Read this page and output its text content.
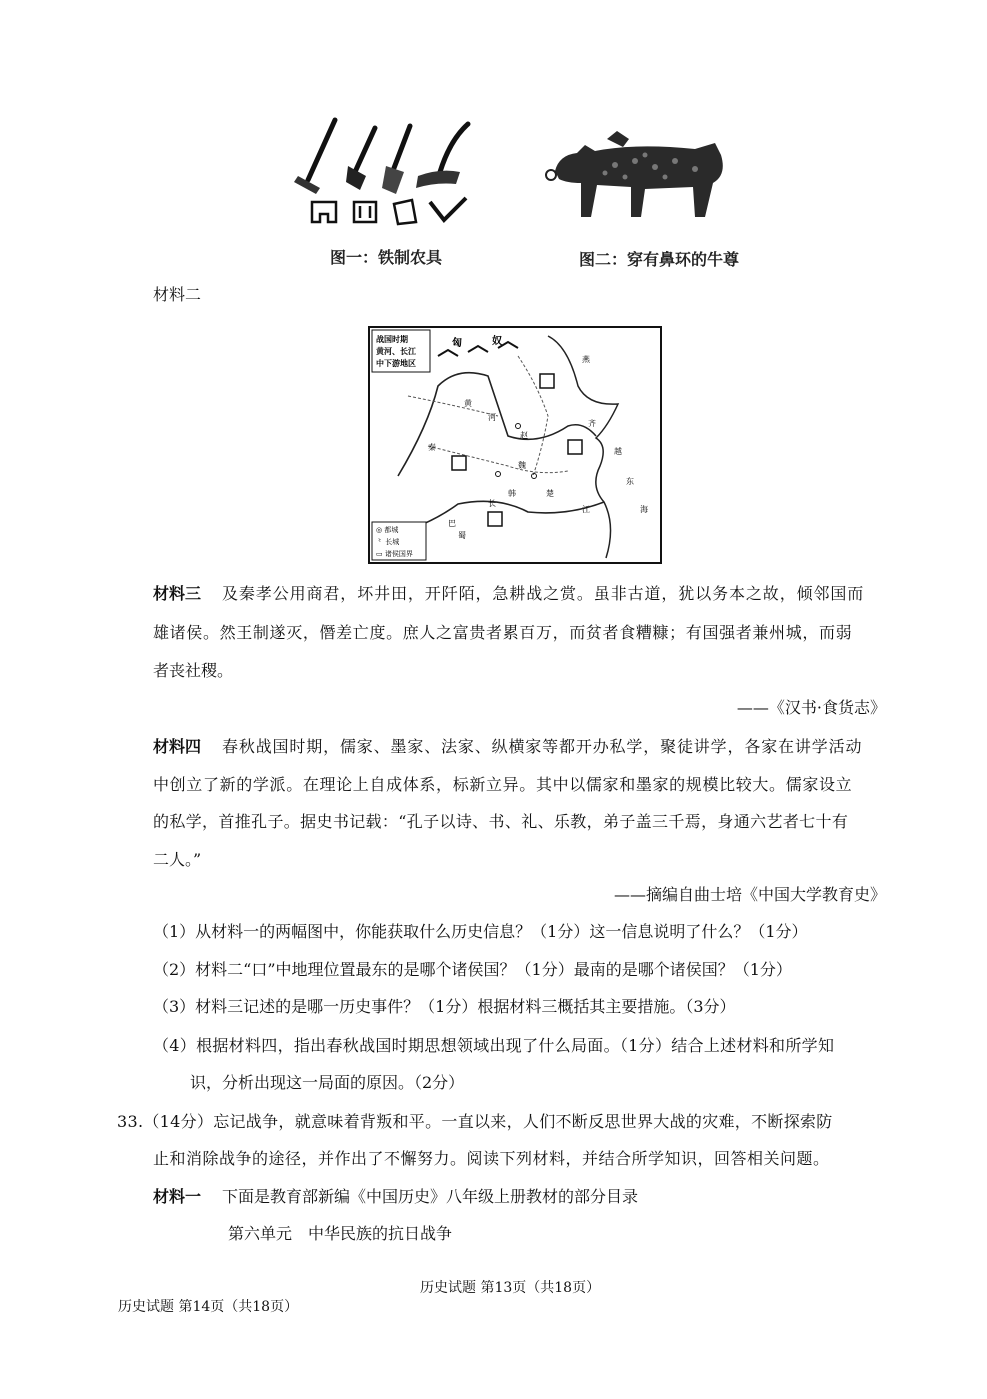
图一：铁制农具	图二：穿有鼻环的牛尊
材料二
战国时期
黄河、长江
中下游地区
匈	奴
黄
河
长
江
燕
赵
齐
韩
魏
楚
秦
巴
蜀
越
东
海
◎ 都城
⺀ 长城
▭ 诸侯国界
材料三 及秦孝公用商君，坏井田，开阡陌，急耕战之赏。虽非古道，犹以务本之故，倾邻国而
雄诸侯。然王制遂灭，僭差亡度。庶人之富贵者累百万，而贫者食糟糠；有国强者兼州城，而弱
者丧社稷。
——《汉书·食货志》
材料四 春秋战国时期，儒家、墨家、法家、纵横家等都开办私学，聚徒讲学，各家在讲学活动
中创立了新的学派。在理论上自成体系，标新立异。其中以儒家和墨家的规模比较大。儒家设立
的私学，首推孔子。据史书记载：“孔子以诗、书、礼、乐教，弟子盖三千焉，身通六艺者七十有
二人。”
——摘编自曲士培《中国大学教育史》
（1）从材料一的两幅图中，你能获取什么历史信息？（1分）这一信息说明了什么？（1分）
（2）材料二“口”中地理位置最东的是哪个诸侯国？（1分）最南的是哪个诸侯国？（1分）
（3）材料三记述的是哪一历史事件？（1分）根据材料三概括其主要措施。（3分）
（4）根据材料四，指出春秋战国时期思想领域出现了什么局面。（1分）结合上述材料和所学知
识，分析出现这一局面的原因。（2分）
33.（14分）忘记战争，就意味着背叛和平。一直以来，人们不断反思世界大战的灾难，不断探索防
止和消除战争的途径，并作出了不懈努力。阅读下列材料，并结合所学知识，回答相关问题。
材料一 下面是教育部新编《中国历史》八年级上册教材的部分目录
第六单元　中华民族的抗日战争
历史试题 第13页（共18页）
历史试题 第14页（共18页）
